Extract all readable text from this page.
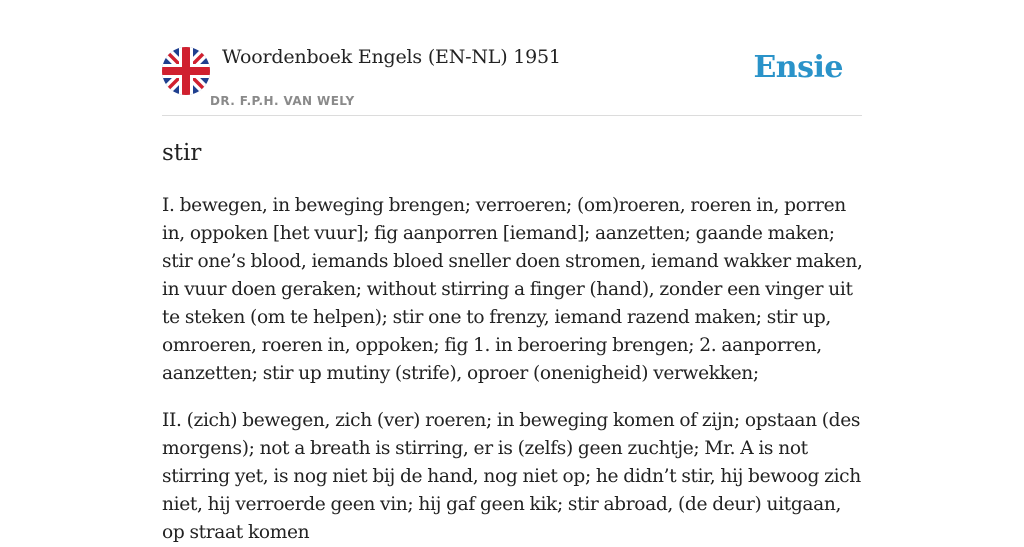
Woordenboek Engels (EN-NL) 1951
DR. F.P.H. VAN WELY
Ensie
stir

I. bewegen, in beweging brengen; verroeren; (om)roeren, roeren in, porren in, oppoken [het vuur]; fig aanporren [iemand]; aanzetten; gaande maken; stir one’s blood, iemands bloed sneller doen stromen, iemand wakker maken, in vuur doen geraken; without stirring a finger (hand), zonder een vinger uit te steken (om te helpen); stir one to frenzy, iemand razend maken; stir up, omroeren, roeren in, oppoken; fig 1. in beroering brengen; 2. aanporren, aanzetten; stir up mutiny (strife), oproer (onenigheid) verwekken;

II. (zich) bewegen, zich (ver) roeren; in beweging komen of zijn; opstaan (des morgens); not a breath is stirring, er is (zelfs) geen zuchtje; Mr. A is not stirring yet, is nog niet bij de hand, nog niet op; he didn’t stir, hij bewoog zich niet, hij verroerde geen vin; hij gaf geen kik; stir abroad, (de deur) uitgaan, op straat komen
